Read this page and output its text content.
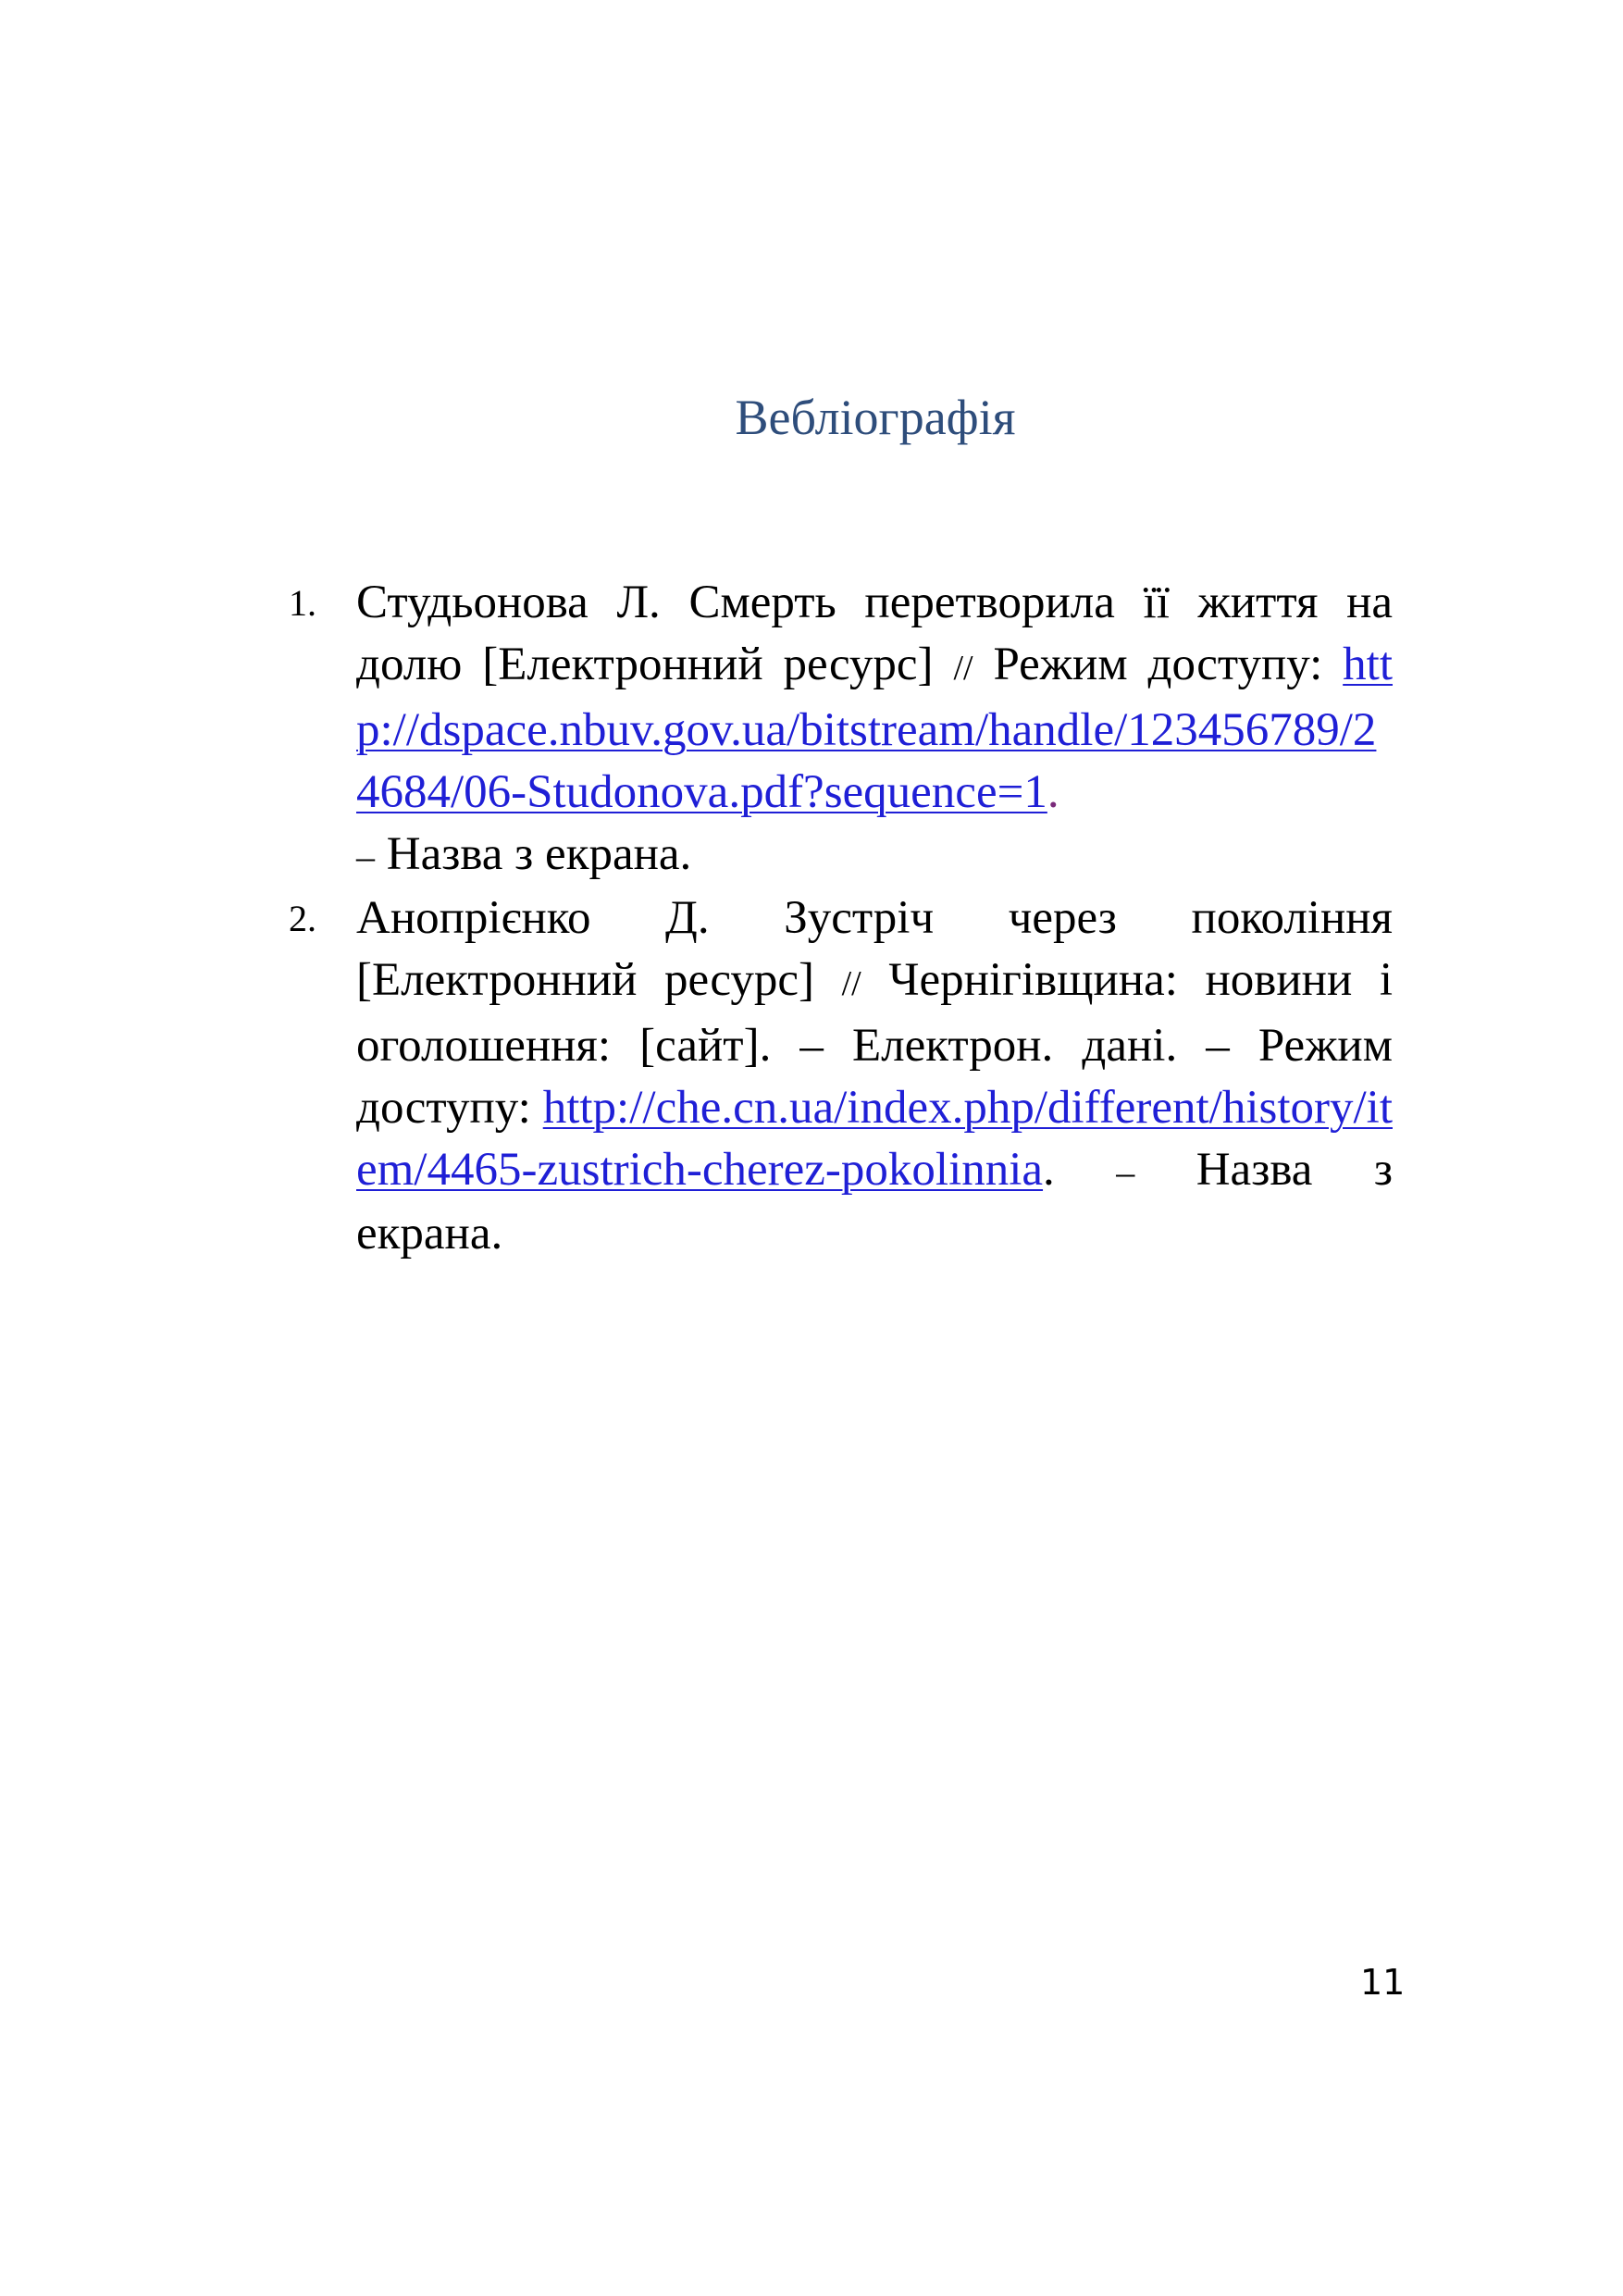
Вебліографія
1. Студьонова Л. Смерть перетворила її життя на долю [Електронний ресурс] // Режим доступу: http://dspace.nbuv.gov.ua/bitstream/handle/123456789/24684/06-Studonova.pdf?sequence=1.
– Назва з екрана.
2. Анопрієнко Д. Зустріч через покоління [Електронний ресурс] // Чернігівщина: новини і оголошення: [сайт]. – Електрон. дані. – Режим доступу: http://che.cn.ua/index.php/different/history/item/4465-zustrich-cherez-pokolinnia. – Назва з екрана.
11
